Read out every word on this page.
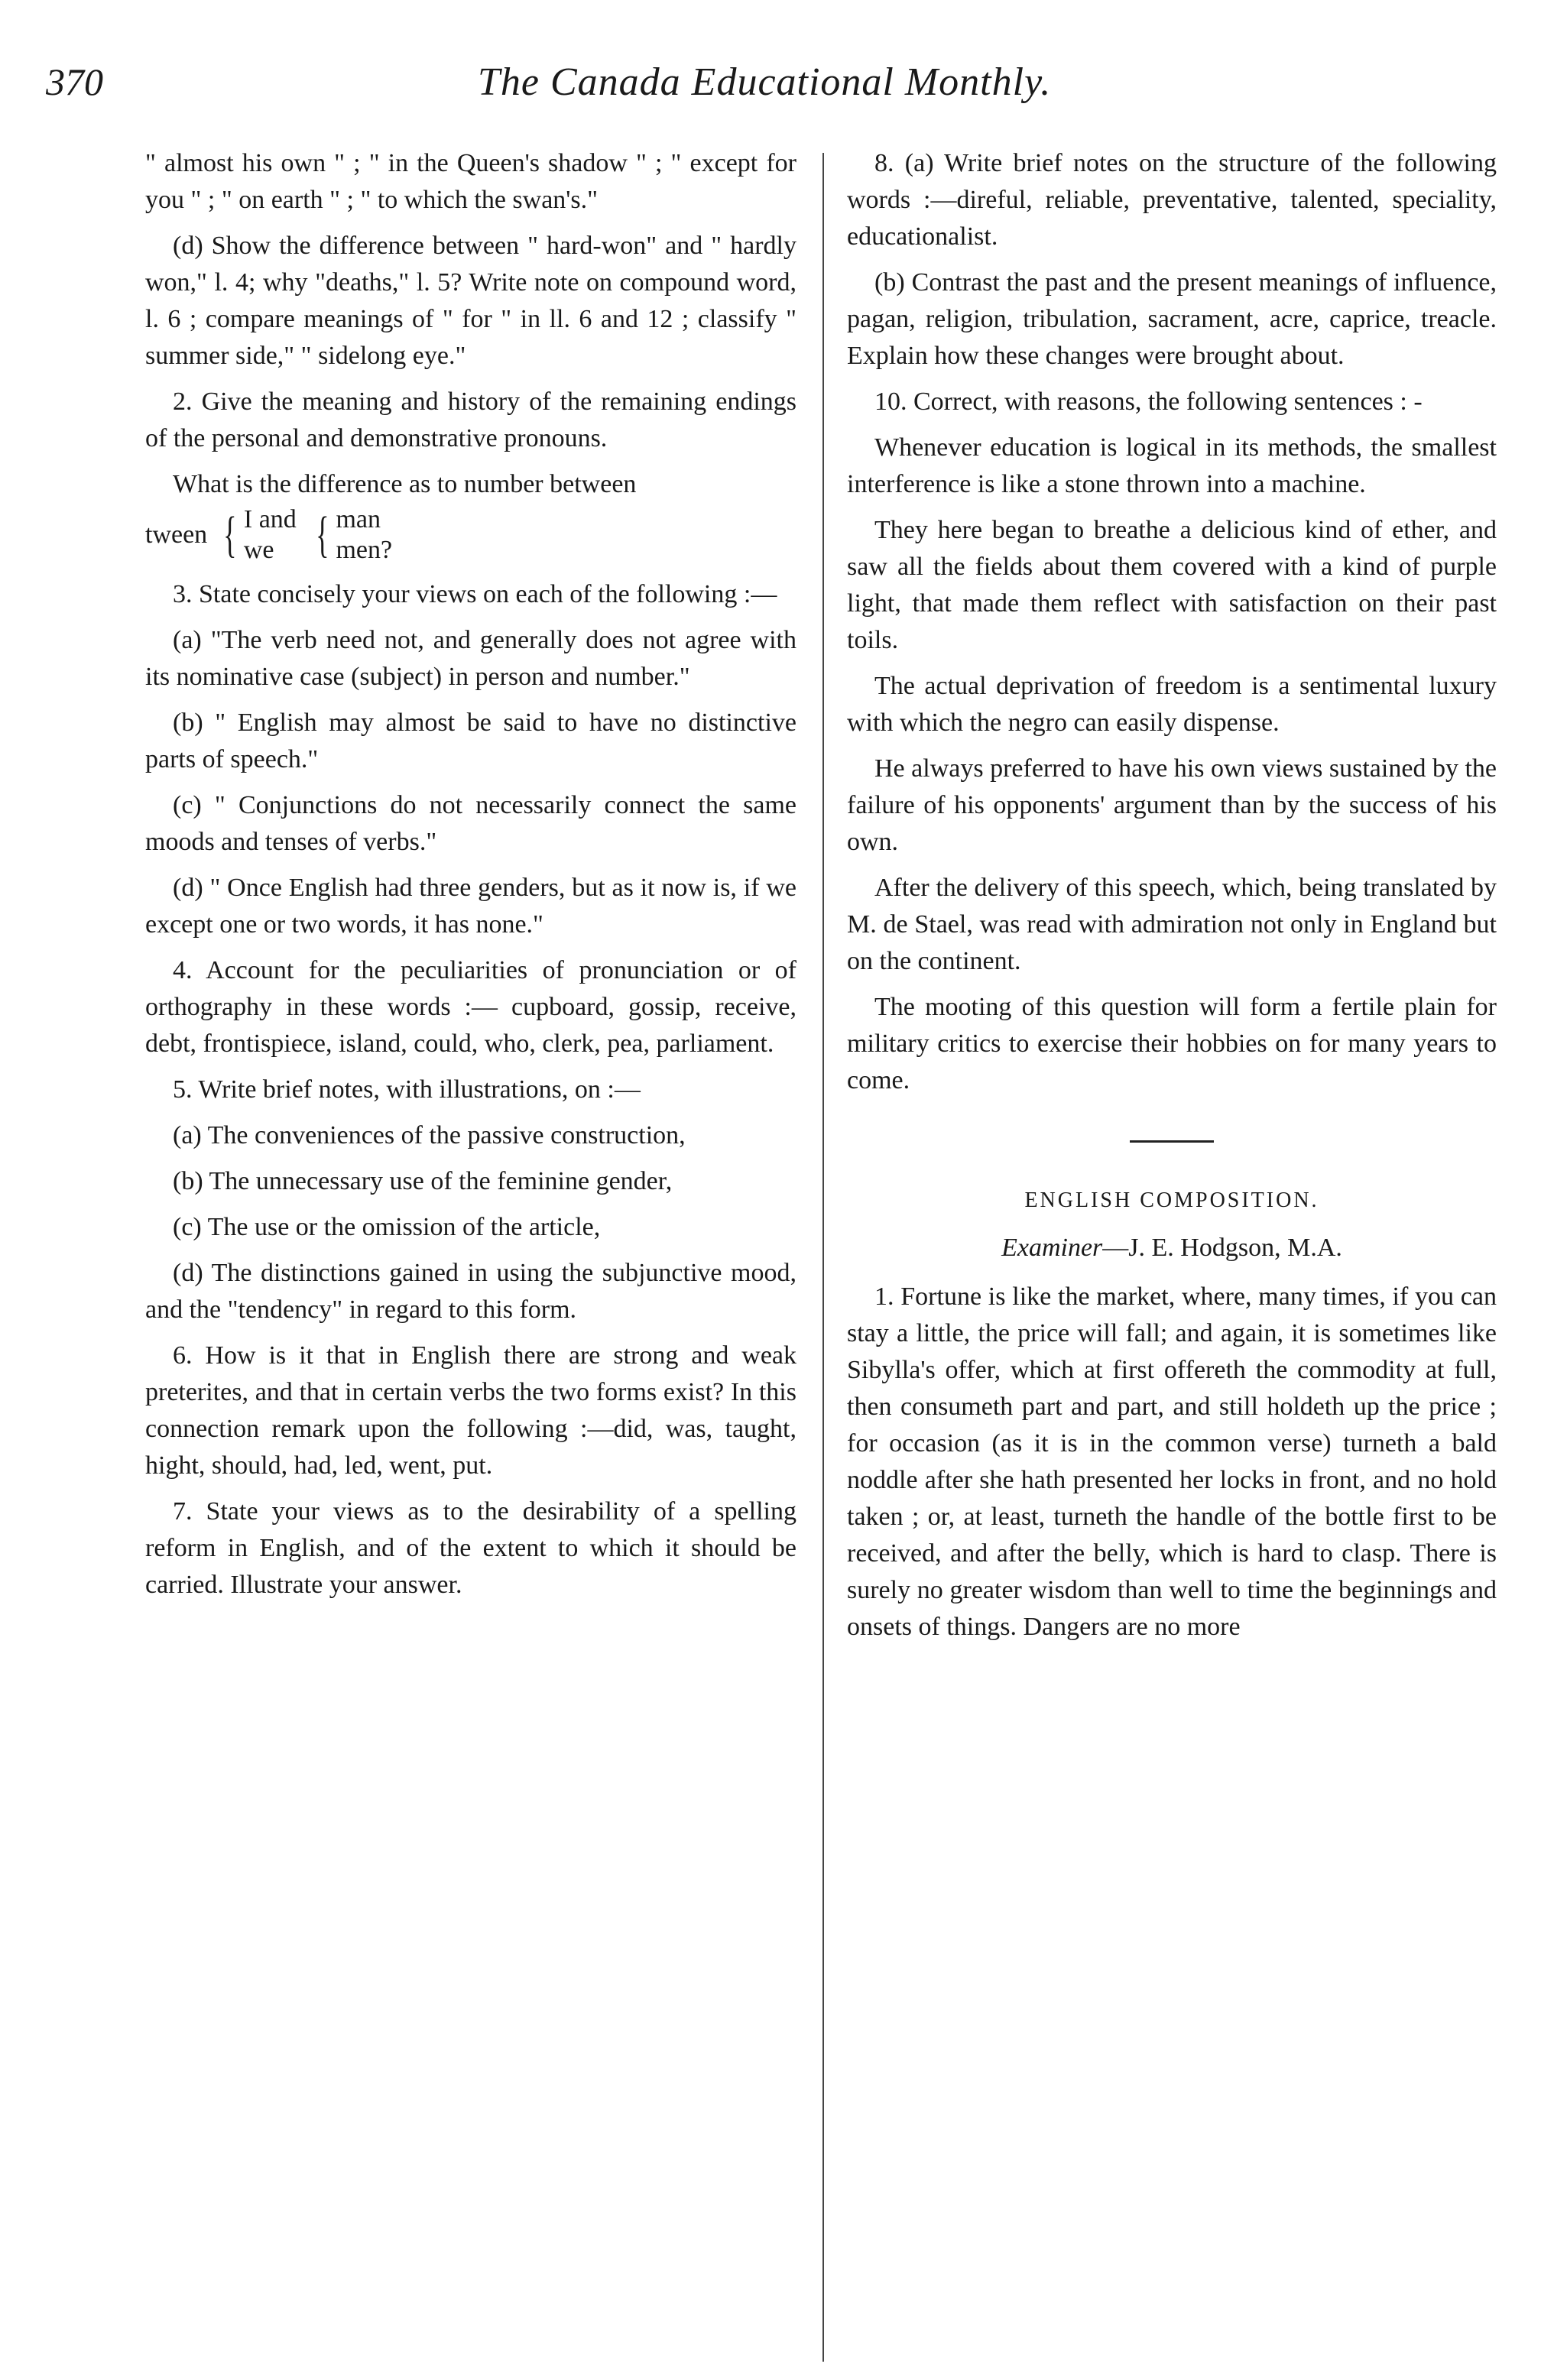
370	The Canada Educational Monthly.

" almost his own " ; " in the Queen's shadow " ; " except for you " ; " on earth " ; " to which the swan's."

(d) Show the difference between " hard-won" and " hardly won," l. 4; why "deaths," l. 5? Write note on compound word, l. 6 ; compare meanings of " for " in ll. 6 and 12 ; classify " summer side," " sidelong eye."

2. Give the meaning and history of the remaining endings of the personal and demonstrative pronouns.

What is the difference as to number between

tween { I and
we { man
men?

3. State concisely your views on each of the following :—

(a) "The verb need not, and generally does not agree with its nominative case (subject) in person and number."

(b) " English may almost be said to have no distinctive parts of speech."

(c) " Conjunctions do not necessarily connect the same moods and tenses of verbs."

(d) " Once English had three genders, but as it now is, if we except one or two words, it has none."

4. Account for the peculiarities of pronunciation or of orthography in these words :— cupboard, gossip, receive, debt, frontispiece, island, could, who, clerk, pea, parliament.

5. Write brief notes, with illustrations, on :—

(a) The conveniences of the passive construction,

(b) The unnecessary use of the feminine gender,

(c) The use or the omission of the article,

(d) The distinctions gained in using the subjunctive mood, and the "tendency" in regard to this form.

6. How is it that in English there are strong and weak preterites, and that in certain verbs the two forms exist? In this connection remark upon the following :—did, was, taught, hight, should, had, led, went, put.

7. State your views as to the desirability of a spelling reform in English, and of the extent to which it should be carried. Illustrate your answer.

8. (a) Write brief notes on the structure of the following words :—direful, reliable, preventative, talented, speciality, educationalist.

(b) Contrast the past and the present meanings of influence, pagan, religion, tribulation, sacrament, acre, caprice, treacle. Explain how these changes were brought about.

10. Correct, with reasons, the following sentences : -

Whenever education is logical in its methods, the smallest interference is like a stone thrown into a machine.

They here began to breathe a delicious kind of ether, and saw all the fields about them covered with a kind of purple light, that made them reflect with satisfaction on their past toils.

The actual deprivation of freedom is a sentimental luxury with which the negro can easily dispense.

He always preferred to have his own views sustained by the failure of his opponents' argument than by the success of his own.

After the delivery of this speech, which, being translated by M. de Stael, was read with admiration not only in England but on the continent.

The mooting of this question will form a fertile plain for military critics to exercise their hobbies on for many years to come.

ENGLISH COMPOSITION.
Examiner—J. E. Hodgson, M.A.

1. Fortune is like the market, where, many times, if you can stay a little, the price will fall; and again, it is sometimes like Sibylla's offer, which at first offereth the commodity at full, then consumeth part and part, and still holdeth up the price ; for occasion (as it is in the common verse) turneth a bald noddle after she hath presented her locks in front, and no hold taken ; or, at least, turneth the handle of the bottle first to be received, and after the belly, which is hard to clasp. There is surely no greater wisdom than well to time the beginnings and onsets of things. Dangers are no more
